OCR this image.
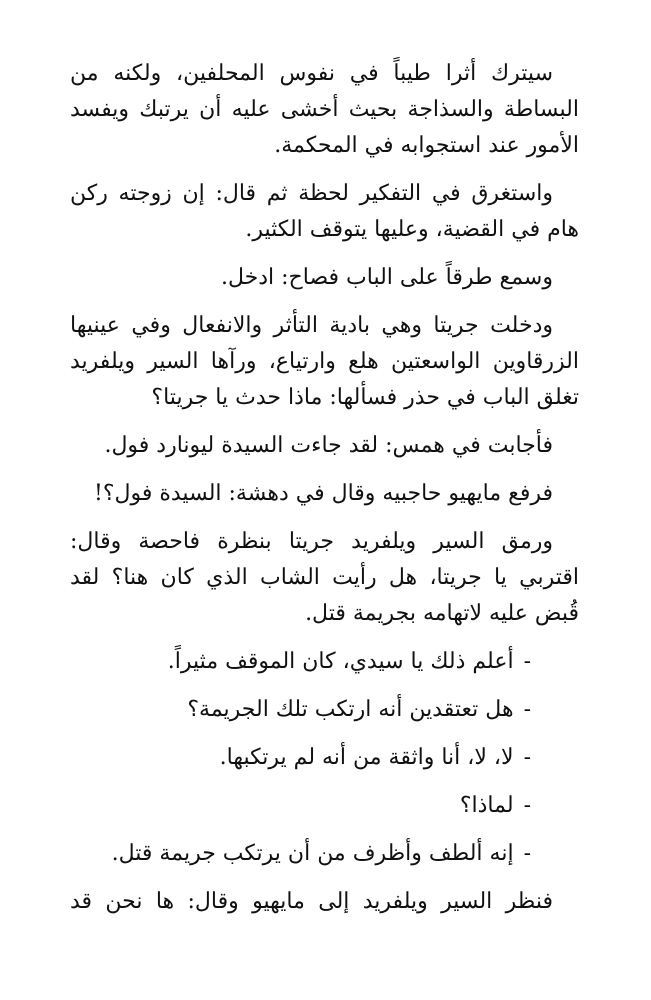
سيترك أثرا طيباً في نفوس المحلفين، ولكنه من البساطة والسذاجة بحيث أخشى عليه أن يرتبك ويفسد الأمور عند استجوابه في المحكمة.

واستغرق في التفكير لحظة ثم قال: إن زوجته ركن هام في القضية، وعليها يتوقف الكثير.

وسمع طرقاً على الباب فصاح: ادخل.

ودخلت جريتا وهي بادية التأثر والانفعال وفي عينيها الزرقاوين الواسعتين هلع وارتياع، ورآها السير ويلفريد تغلق الباب في حذر فسألها: ماذا حدث يا جريتا؟

فأجابت في همس: لقد جاءت السيدة ليونارد فول.

فرفع مايهيو حاجبيه وقال في دهشة: السيدة فول؟!

ورمق السير ويلفريد جريتا بنظرة فاحصة وقال: اقتربي يا جريتا، هل رأيت الشاب الذي كان هنا؟ لقد قُبض عليه لاتهامه بجريمة قتل.

-أعلم ذلك يا سيدي، كان الموقف مثيراً.

-هل تعتقدين أنه ارتكب تلك الجريمة؟

-لا، لا، أنا واثقة من أنه لم يرتكبها.

-لماذا؟

-إنه ألطف وأظرف من أن يرتكب جريمة قتل.

فنظر السير ويلفريد إلى مايهيو وقال: ها نحن قد
